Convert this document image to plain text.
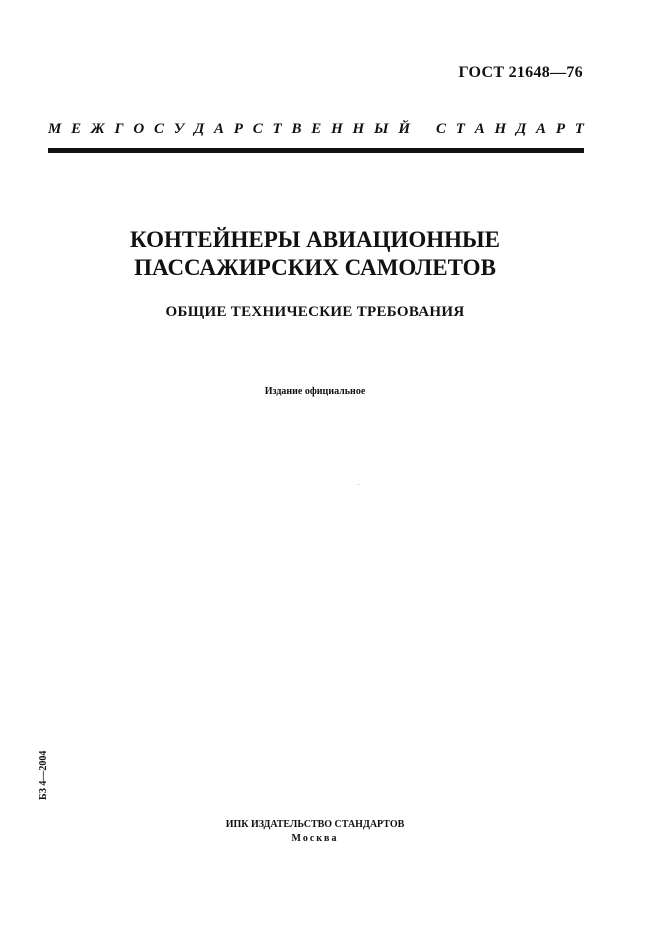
ГОСТ 21648—76
М Е Ж Г О С У Д А Р С Т В Е Н Н Ы Й С Т А Н Д А Р Т
КОНТЕЙНЕРЫ АВИАЦИОННЫЕ
ПАССАЖИРСКИХ САМОЛЕТОВ
ОБЩИЕ ТЕХНИЧЕСКИЕ ТРЕБОВАНИЯ
Издание официальное
БЗ 4—2004
ИПК ИЗДАТЕЛЬСТВО СТАНДАРТОВ
Москва
